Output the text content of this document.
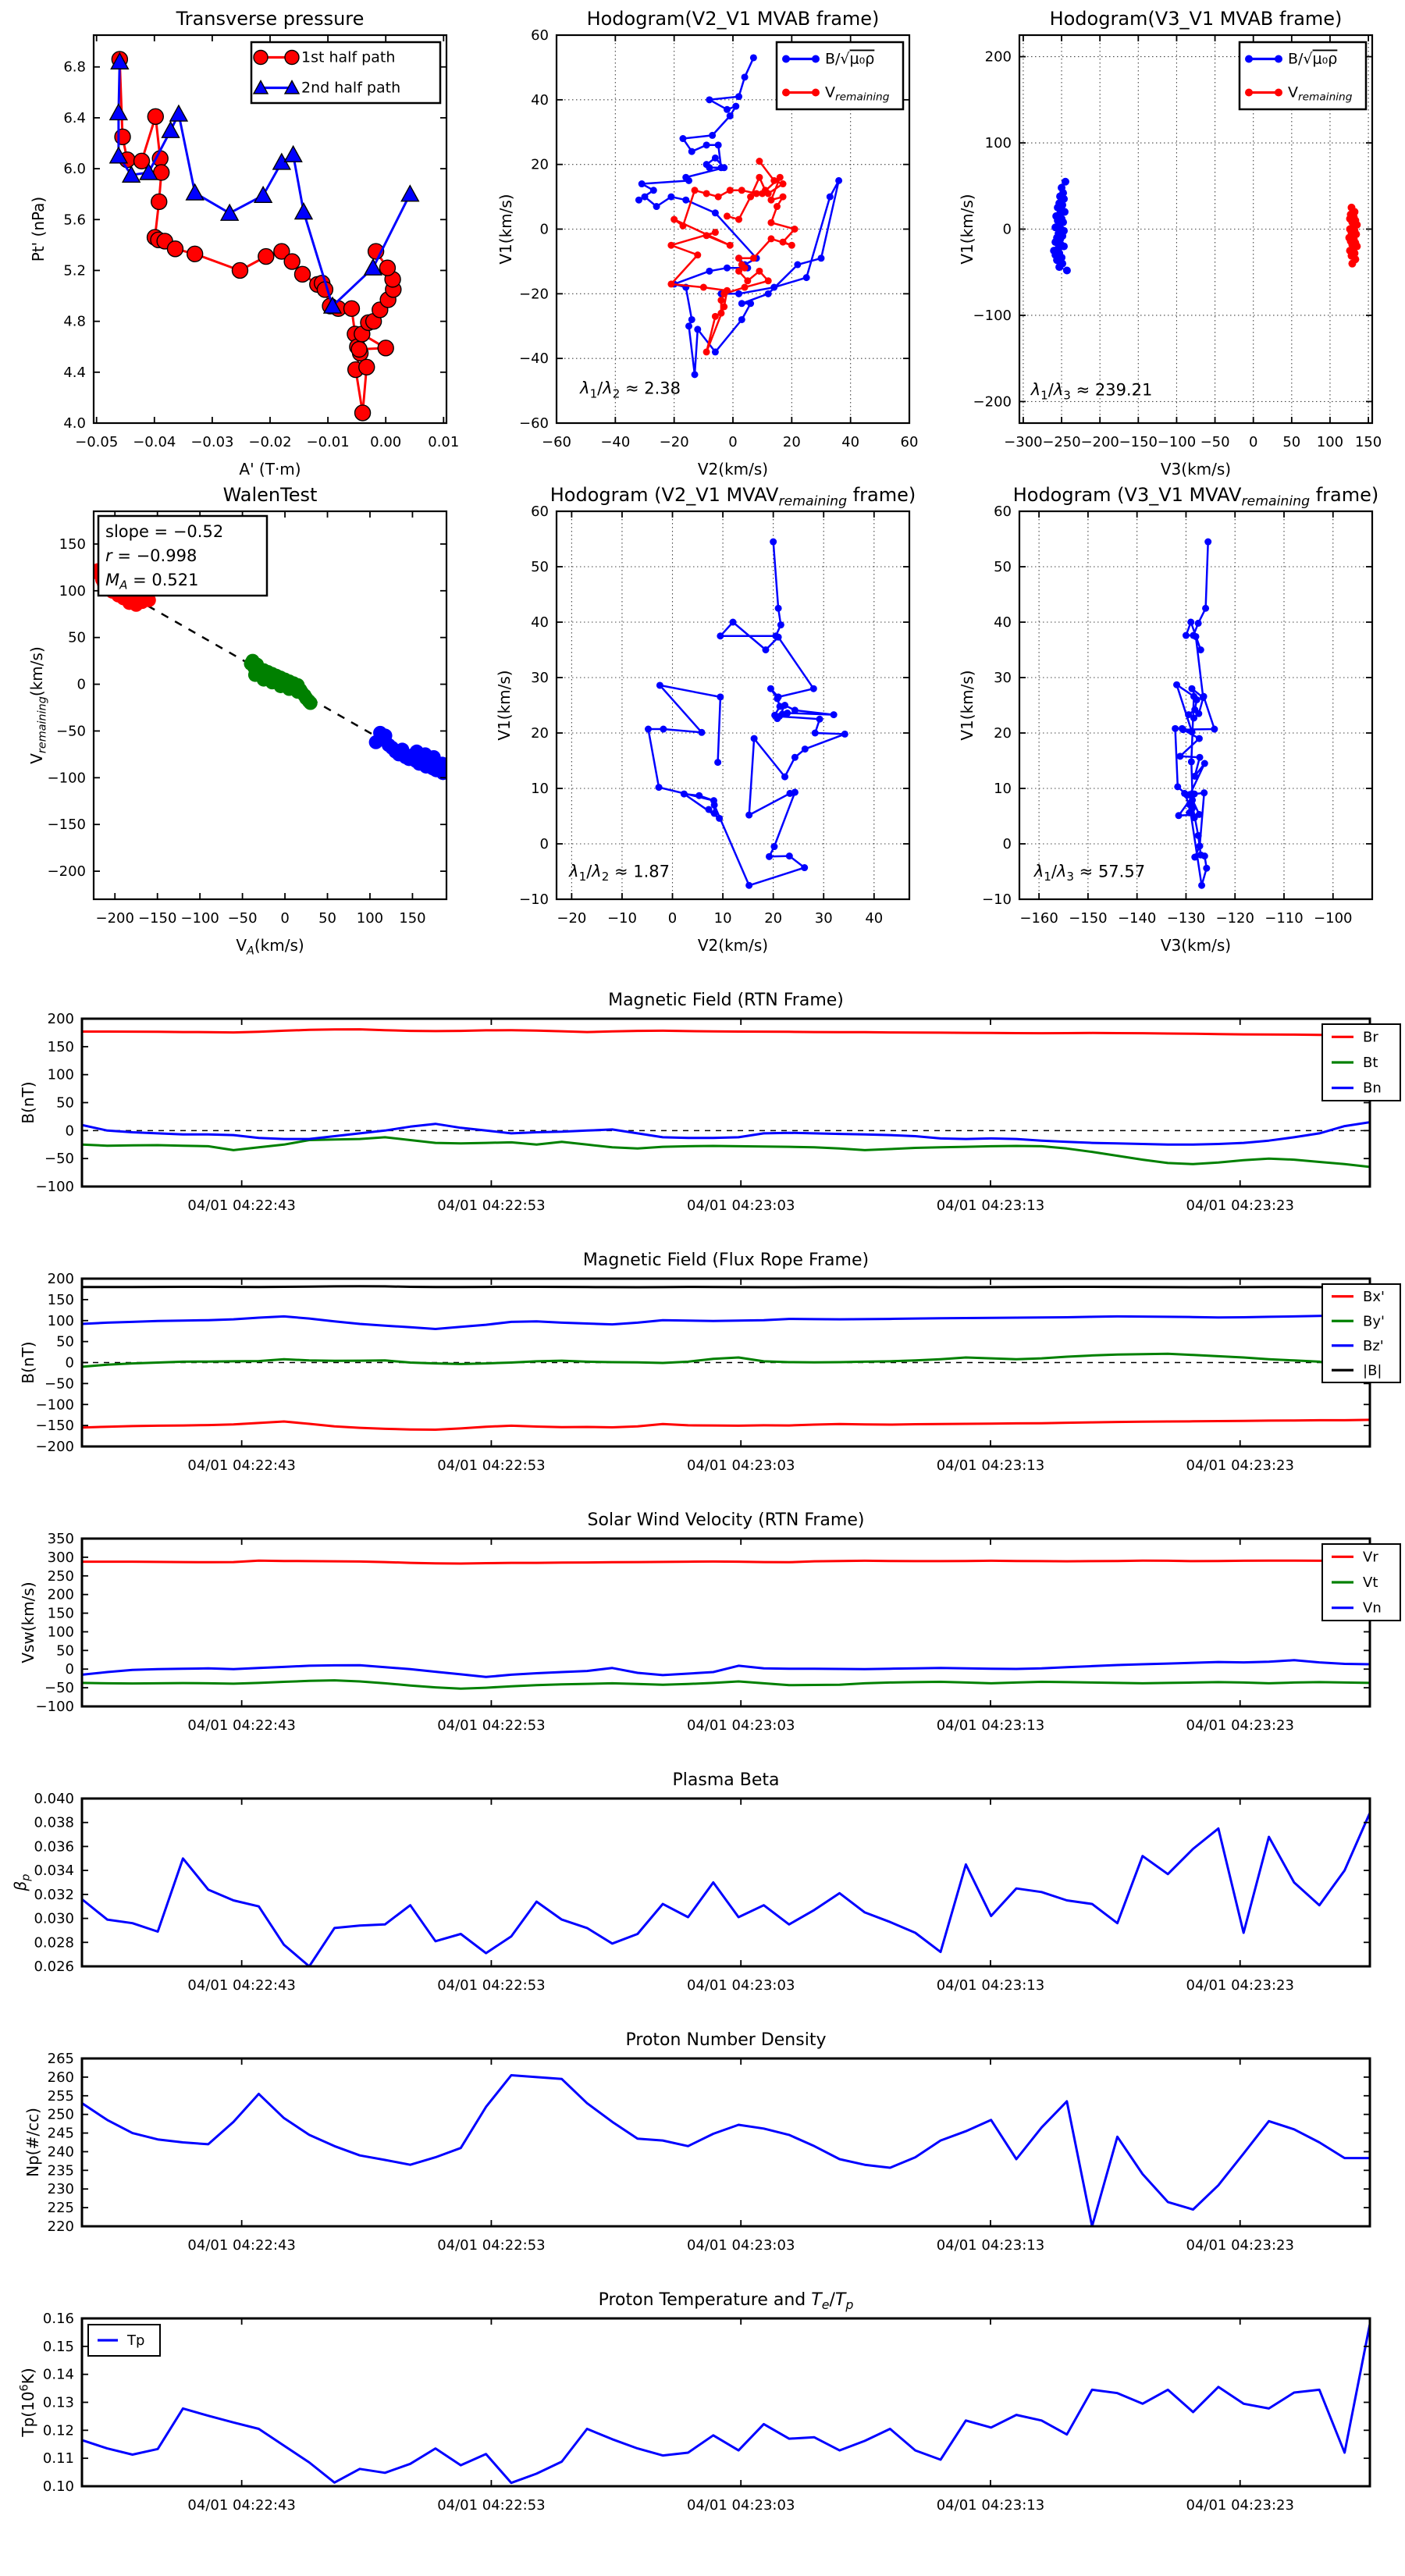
−0.05 −0.04 −0.03 −0.02 −0.01 0.00 0.01
4.0
4.4
4.8
5.2
5.6
6.0
6.4
6.8
Transverse pressure
A' (T·m)
Pt' (nPa)
1st half path
2nd half path
−60 −40 −20	0	20	40	60
−60
−40
−20
0
20
40
60
Hodogram(V2_V1 MVAB frame)
V2(km/s)
V1(km/s)
$\lambda_1/\lambda_2 \approx 2.38$
B/√μ₀ρ
$V_{remaining}$
−300 −250 −200 −150 −100 −50 0 50 100 150
−200
−100
0
100
200
Hodogram(V3_V1 MVAB frame)
V3(km/s)
V1(km/s)
$\lambda_1/\lambda_3 \approx 239.21$
B/√μ₀ρ
$V_{remaining}$
−200 −150 −100 −50 0 50 100 150
−200
−150
−100
−50
0
50
100
150
WalenTest
$V_A(km/s)$
$V_{remaining}(km/s)$
slope = −0.52
r = −0.998
$M_A = 0.521$
−20 −10 0	10 20 30 40
−10
0
10
20
30
40
50
60
Hodogram (V2_V1 $MVAV_{remaining}$ frame)
V2(km/s)
V1(km/s)
$\lambda_1/\lambda_2 \approx 1.87$
−160 −150 −140 −130 −120 −110 −100
−10
0
10
20
30
40
50
60
Hodogram (V3_V1 $MVAV_{remaining}$ frame)
V3(km/s)
V1(km/s)
$\lambda_1/\lambda_3 \approx 57.57$
04/01 04:22:43	04/01 04:22:53	04/01 04:23:03	04/01 04:23:13	04/01 04:23:23
−100
−50
0
50
100
150
200
Magnetic Field (RTN Frame)
B(nT)
Br
Bt
Bn
04/01 04:22:43	04/01 04:22:53	04/01 04:23:03	04/01 04:23:13	04/01 04:23:23
−200
−150
−100
−50
0
50
100
150
200
Magnetic Field (Flux Rope Frame)
B(nT)
Bx'
By'
Bz'
|B|
04/01 04:22:43	04/01 04:22:53	04/01 04:23:03	04/01 04:23:13	04/01 04:23:23
−100
−50
0
50
100
150
200
250
300
350
Solar Wind Velocity (RTN Frame)
Vsw(km/s)
Vr
Vt
Vn
04/01 04:22:43	04/01 04:22:53	04/01 04:23:03	04/01 04:23:13	04/01 04:23:23
0.026
0.028
0.030
0.032
0.034
0.036
0.038
0.040
Plasma Beta
$\beta_p$
04/01 04:22:43	04/01 04:22:53	04/01 04:23:03	04/01 04:23:13	04/01 04:23:23
220
225
230
235
240
245
250
255
260
265
Proton Number Density
Np(#/cc)
04/01 04:22:43	04/01 04:22:53	04/01 04:23:03	04/01 04:23:13	04/01 04:23:23
0.10
0.11
0.12
0.13
0.14
0.15
0.16
Proton Temperature and $T_e/T_p$
$Tp(10^6K)$
Tp
